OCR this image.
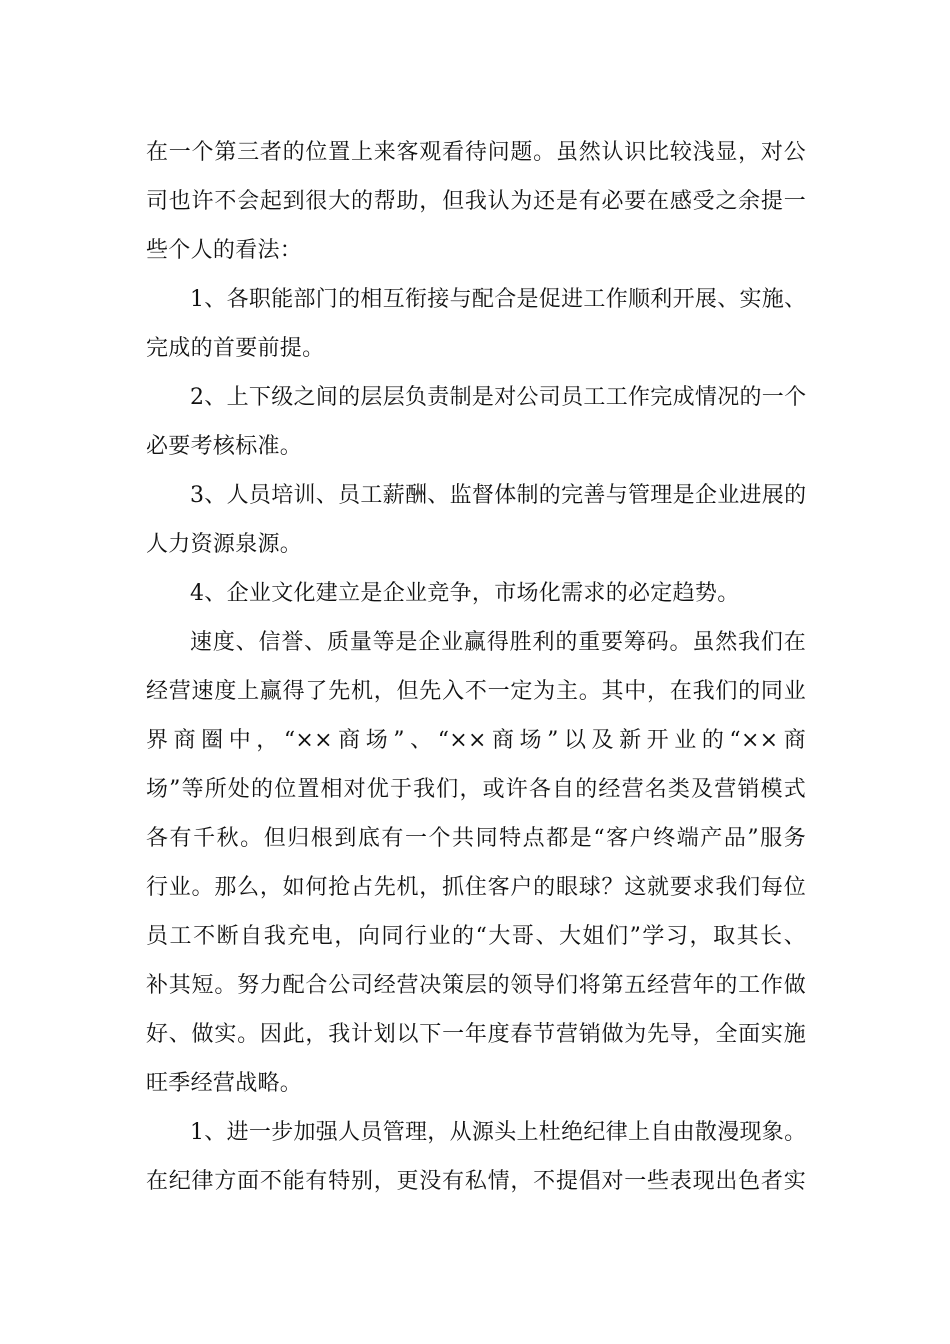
在一个第三者的位置上来客观看待问题。虽然认识比较浅显，对公
司也许不会起到很大的帮助，但我认为还是有必要在感受之余提一
些个人的看法：

1、各职能部门的相互衔接与配合是促进工作顺利开展、实施、
完成的首要前提。

2、上下级之间的层层负责制是对公司员工工作完成情况的一个
必要考核标准。

3、人员培训、员工薪酬、监督体制的完善与管理是企业进展的
人力资源泉源。

4、企业文化建立是企业竞争，市场化需求的必定趋势。

速度、信誉、质量等是企业赢得胜利的重要筹码。虽然我们在
经营速度上赢得了先机，但先入不一定为主。其中，在我们的同业
界商圈中，“××商场”、“××商场”以及新开业的“××商
场”等所处的位置相对优于我们，或许各自的经营名类及营销模式
各有千秋。但归根到底有一个共同特点都是“客户终端产品”服务
行业。那么，如何抢占先机，抓住客户的眼球？这就要求我们每位
员工不断自我充电，向同行业的“大哥、大姐们”学习，取其长、
补其短。努力配合公司经营决策层的领导们将第五经营年的工作做
好、做实。因此，我计划以下一年度春节营销做为先导，全面实施
旺季经营战略。

1、进一步加强人员管理，从源头上杜绝纪律上自由散漫现象。
在纪律方面不能有特别，更没有私情，不提倡对一些表现出色者实
